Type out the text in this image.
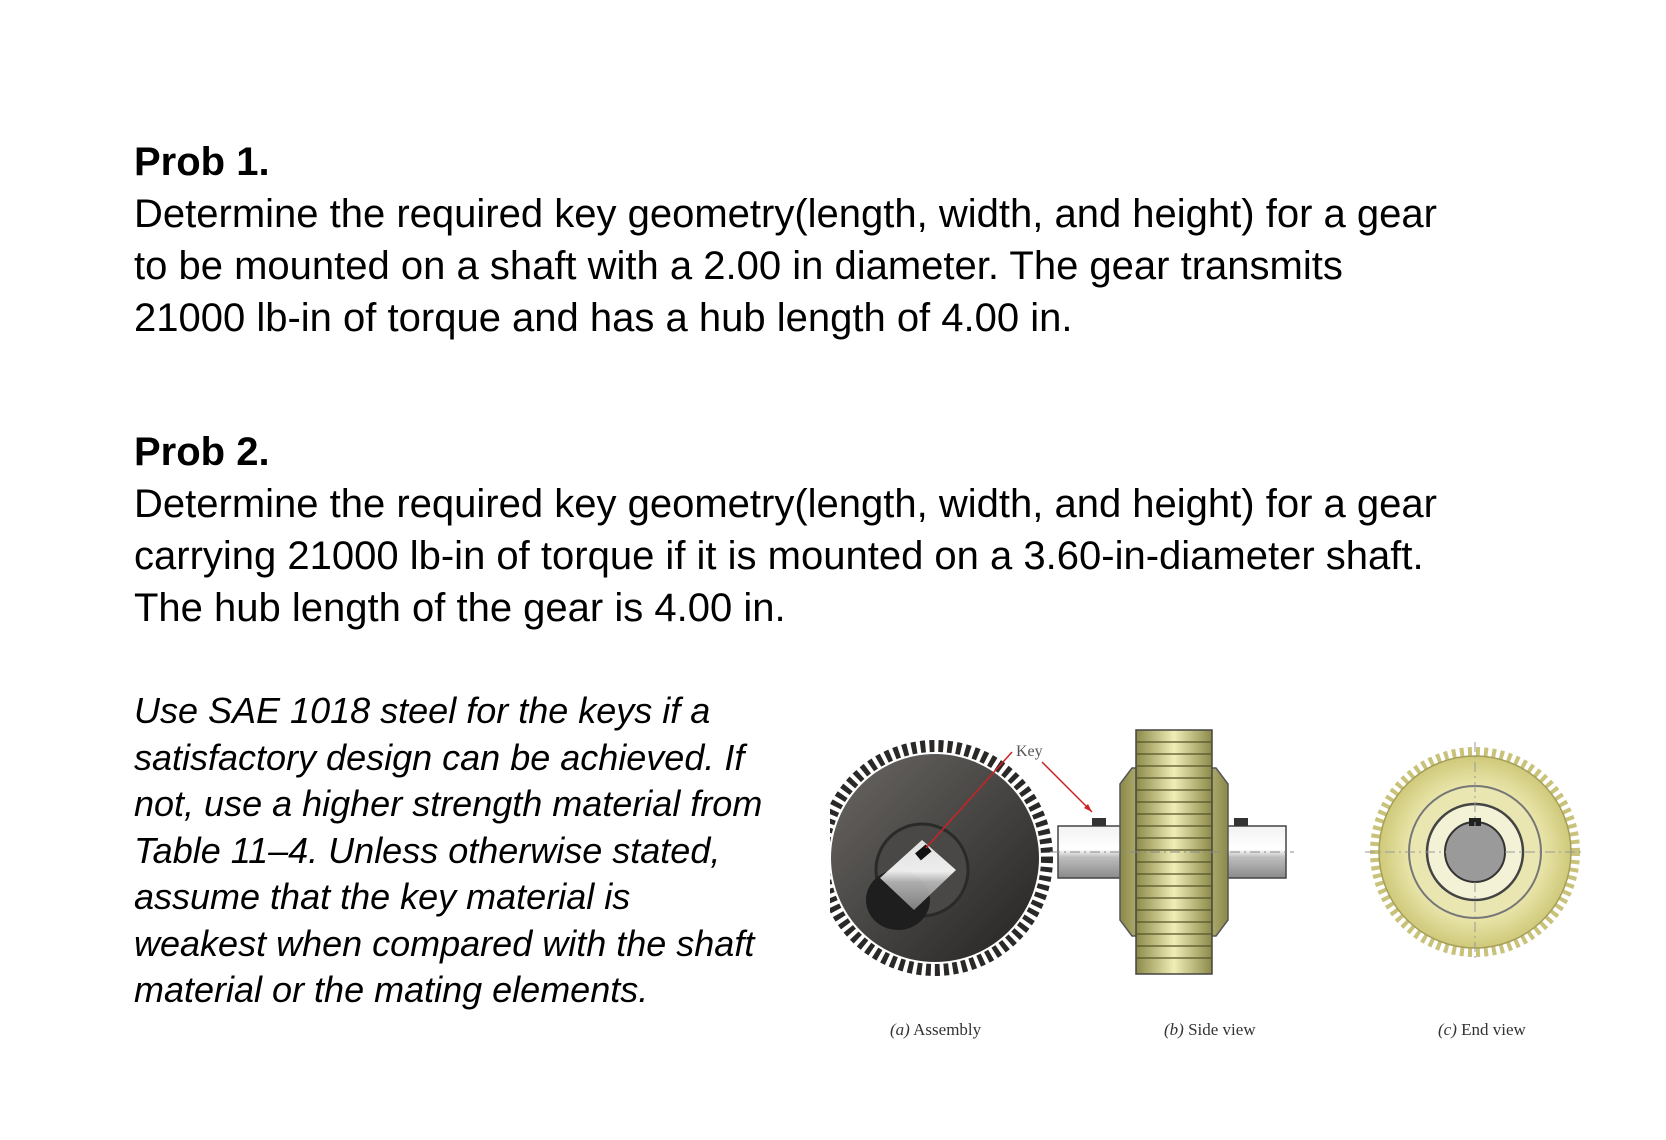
Prob 1.

Determine the required key geometry(length, width, and height) for a gear
to be mounted on a shaft with a 2.00 in diameter. The gear transmits
21000 lb-in of torque and has a hub length of 4.00 in.

Prob 2.

Determine the required key geometry(length, width, and height) for a gear
carrying 21000 lb-in of torque if it is mounted on a 3.60-in-diameter shaft.
The hub length of the gear is 4.00 in.

Use SAE 1018 steel for the keys if a
satisfactory design can be achieved. If
not, use a higher strength material from
Table 11–4. Unless otherwise stated,
assume that the key material is
weakest when compared with the shaft
material or the mating elements.

Key
(a) Assembly	(b) Side view	(c) End view
